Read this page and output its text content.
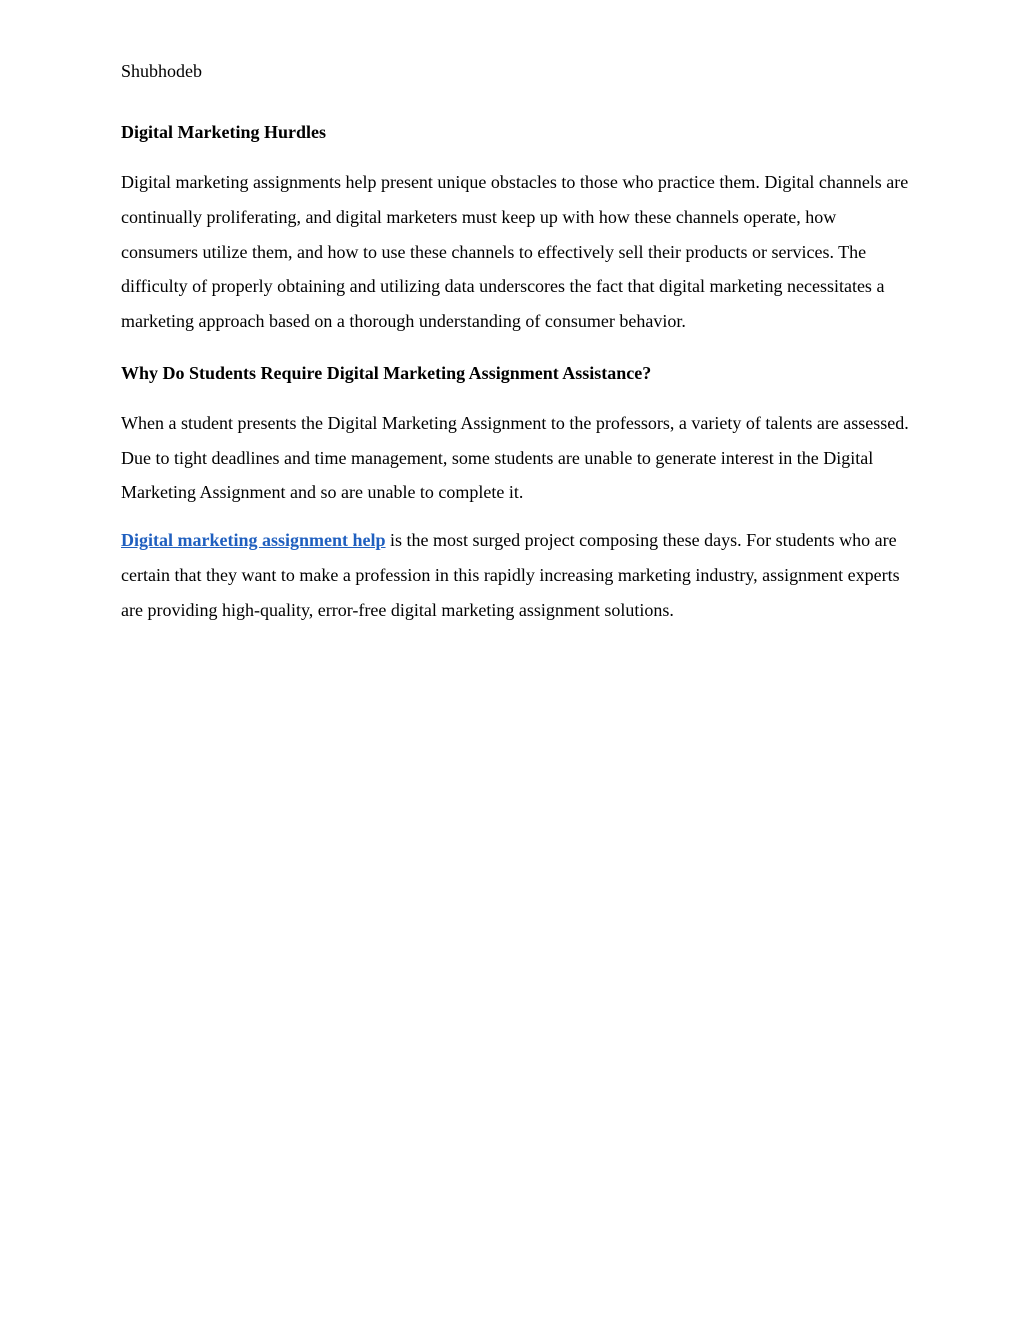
Shubhodeb

Digital Marketing Hurdles

Digital marketing assignments help present unique obstacles to those who practice them. Digital channels are continually proliferating, and digital marketers must keep up with how these channels operate, how consumers utilize them, and how to use these channels to effectively sell their products or services. The difficulty of properly obtaining and utilizing data underscores the fact that digital marketing necessitates a marketing approach based on a thorough understanding of consumer behavior.

Why Do Students Require Digital Marketing Assignment Assistance?

When a student presents the Digital Marketing Assignment to the professors, a variety of talents are assessed. Due to tight deadlines and time management, some students are unable to generate interest in the Digital Marketing Assignment and so are unable to complete it.

Digital marketing assignment help is the most surged project composing these days. For students who are certain that they want to make a profession in this rapidly increasing marketing industry, assignment experts are providing high-quality, error-free digital marketing assignment solutions.
